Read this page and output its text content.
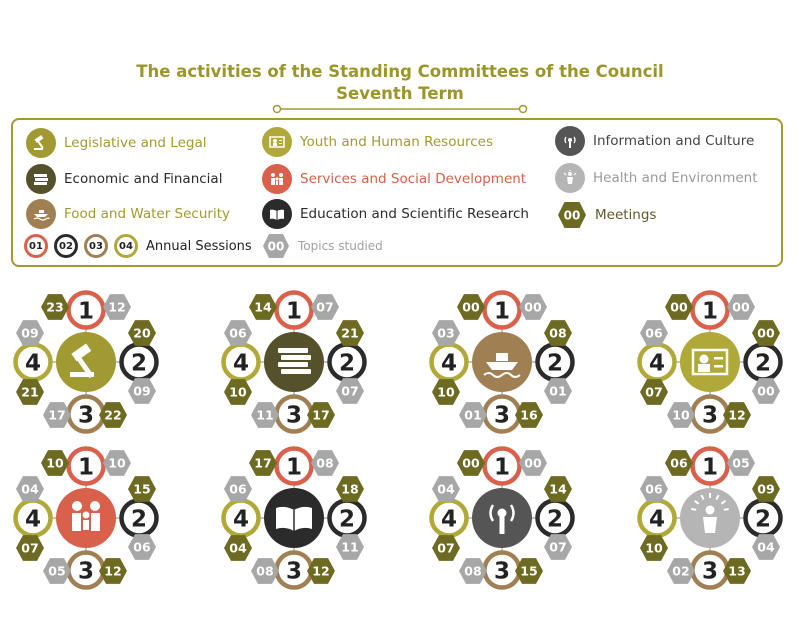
The activities of the Standing Committees of the Council
Seventh Term
Legislative and Legal
Economic and Financial
Food and Water Security
Youth and Human Resources
Services and Social Development
Education and Scientific Research
Information and Culture
Health and Environment
00 Meetings
00 Topics studied
01	02	03	04	Annual Sessions
1
2
3
4
23
20
22
21
12
09
17
09
1
2
3
4
14
21
17
10
07
07
11
06
1
2
3
4
00
08
16
10
00
01
01
03
1
2
3
4
00
00
12
07
00
00
10
06
1
2
3
4
10
15
12
07
10
06
05
04
1
2
3
4
17
18
12
04
08
11
08
06
1
2
3
4
00
14
15
07
00
07
08
04
1
2
3
4
06
09
13
10
05
04
02
06
